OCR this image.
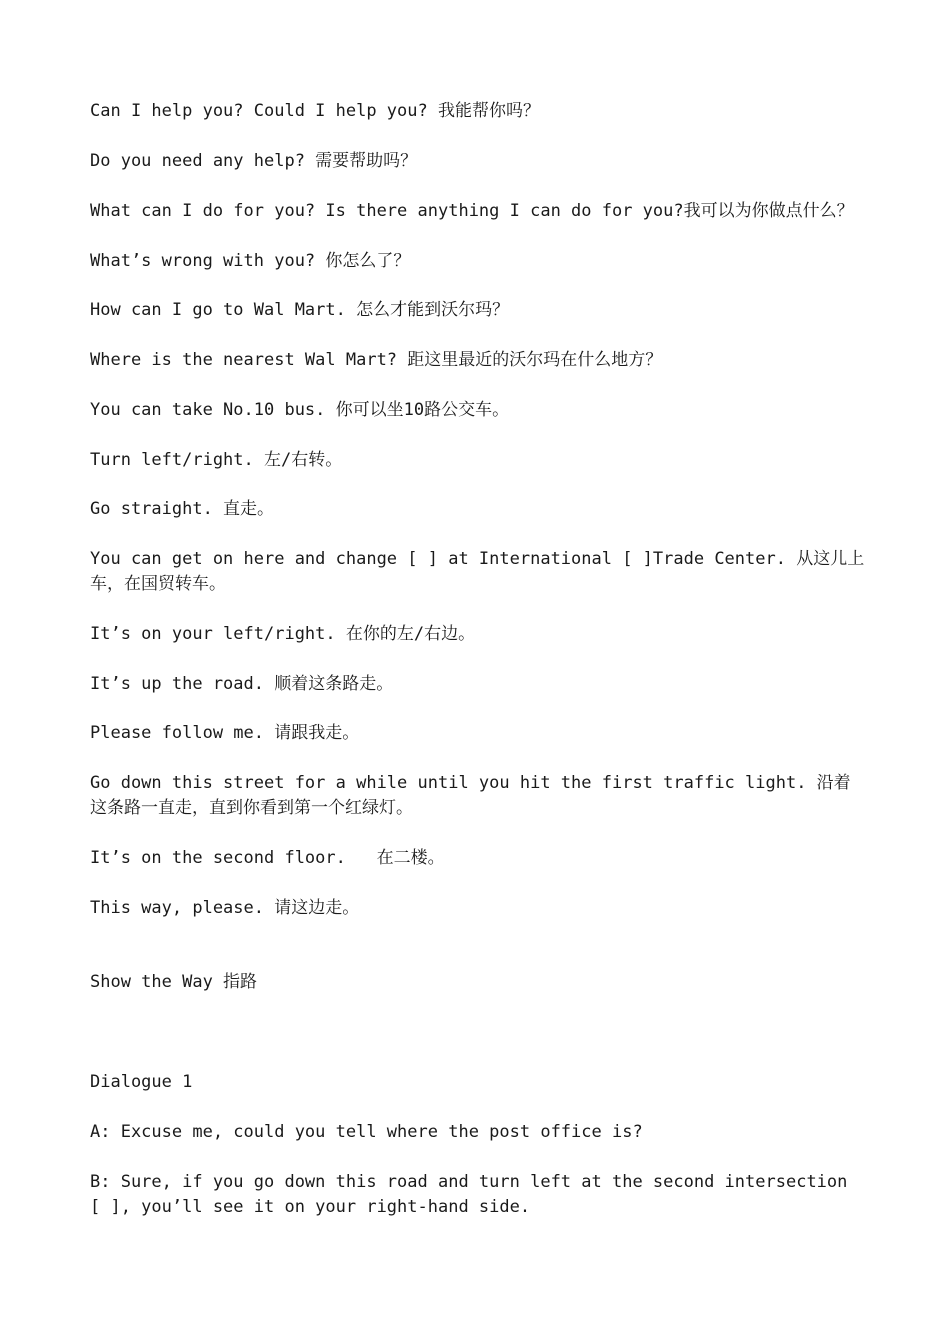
Can I help you? Could I help you? 我能帮你吗？

Do you need any help? 需要帮助吗？

What can I do for you? Is there anything I can do for you?我可以为你做点什么？

What’s wrong with you? 你怎么了？

How can I go to Wal Mart. 怎么才能到沃尔玛？

Where is the nearest Wal Mart? 距这里最近的沃尔玛在什么地方？

You can take No.10 bus. 你可以坐10路公交车。

Turn left/right. 左/右转。

Go straight. 直走。

You can get on here and change [ ] at International [ ]Trade Center. 从这儿上车，在国贸转车。

It’s on your left/right. 在你的左/右边。

It’s up the road. 顺着这条路走。

Please follow me. 请跟我走。

Go down this street for a while until you hit the first traffic light. 沿着这条路一直走，直到你看到第一个红绿灯。

It’s on the second floor.   在二楼。

This way, please. 请这边走。

Show the Way 指路

Dialogue 1

A: Excuse me, could you tell where the post office is?

B: Sure, if you go down this road and turn left at the second intersection [ ], you’ll see it on your right-hand side.
